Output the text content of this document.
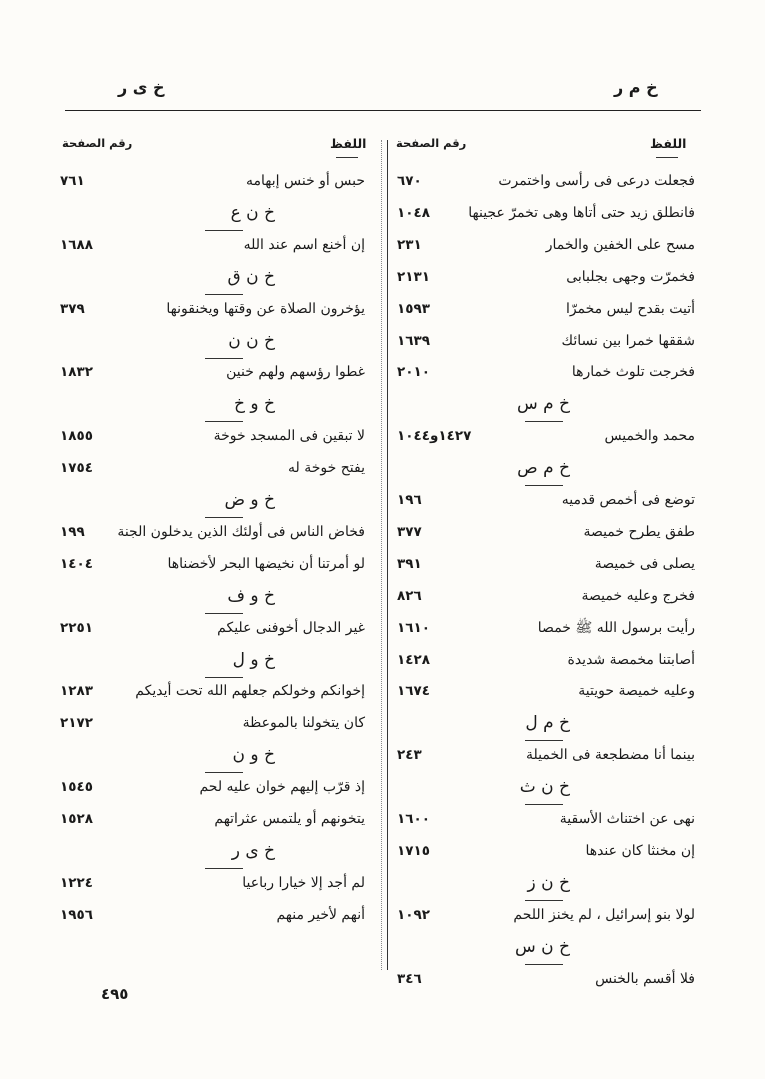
خ م ر
خ ى ر
اللفظ
رقم الصفحة
اللفظ
رقم الصفحة
فجعلت درعى فى رأسى واختمرت
٦٧٠
فانطلق زيد حتى أتاها وهى تخمرّ عجينها
١٠٤٨
مسح على الخفين والخمار
٢٣١
فخمرّت وجهى بجلبابى
٢١٣١
أتيت بقدح ليس مخمرّا
١٥٩٣
شققها خمرا بين نسائك
١٦٣٩
فخرجت تلوث خمارها
٢٠١٠
خ م س
محمد والخميس
١٤٢٧و١٠٤٤
خ م ص
توضع فى أخمص قدميه
١٩٦
طفق يطرح خميصة
٣٧٧
يصلى فى خميصة
٣٩١
فخرج وعليه خميصة
٨٢٦
رأيت برسول الله ﷺ خمصا
١٦١٠
أصابتنا مخمصة شديدة
١٤٢٨
وعليه خميصة حويتية
١٦٧٤
خ م ل
بينما أنا مضطجعة فى الخميلة
٢٤٣
خ ن ث
نهى عن اختناث الأسقية
١٦٠٠
إن مخنثا كان عندها
١٧١٥
خ ن ز
لولا بنو إسرائيل ، لم يخنز اللحم
١٠٩٢
خ ن س
فلا أقسم بالخنس
٣٤٦
حبس أو خنس إبهامه
٧٦١
خ ن ع
إن أخنع اسم عند الله
١٦٨٨
خ ن ق
يؤخرون الصلاة عن وقتها ويخنقونها
٣٧٩
خ ن ن
غطوا رؤسهم ولهم خنين
١٨٣٢
خ و خ
لا تبقين فى المسجد خوخة
١٨٥٥
يفتح خوخة له
١٧٥٤
خ و ض
فخاض الناس فى أولئك الذين يدخلون الجنة
١٩٩
لو أمرتنا أن نخيضها البحر لأخضناها
١٤٠٤
خ و ف
غير الدجال أخوفنى عليكم
٢٢٥١
خ و ل
إخوانكم وخولكم جعلهم الله تحت أيديكم
١٢٨٣
كان يتخولنا بالموعظة
٢١٧٢
خ و ن
إذ قرّب إليهم خوان عليه لحم
١٥٤٥
يتخونهم أو يلتمس عثراتهم
١٥٢٨
خ ى ر
لم أجد إلا خيارا رباعيا
١٢٢٤
أنهم لأخير منهم
١٩٥٦
٤٩٥
